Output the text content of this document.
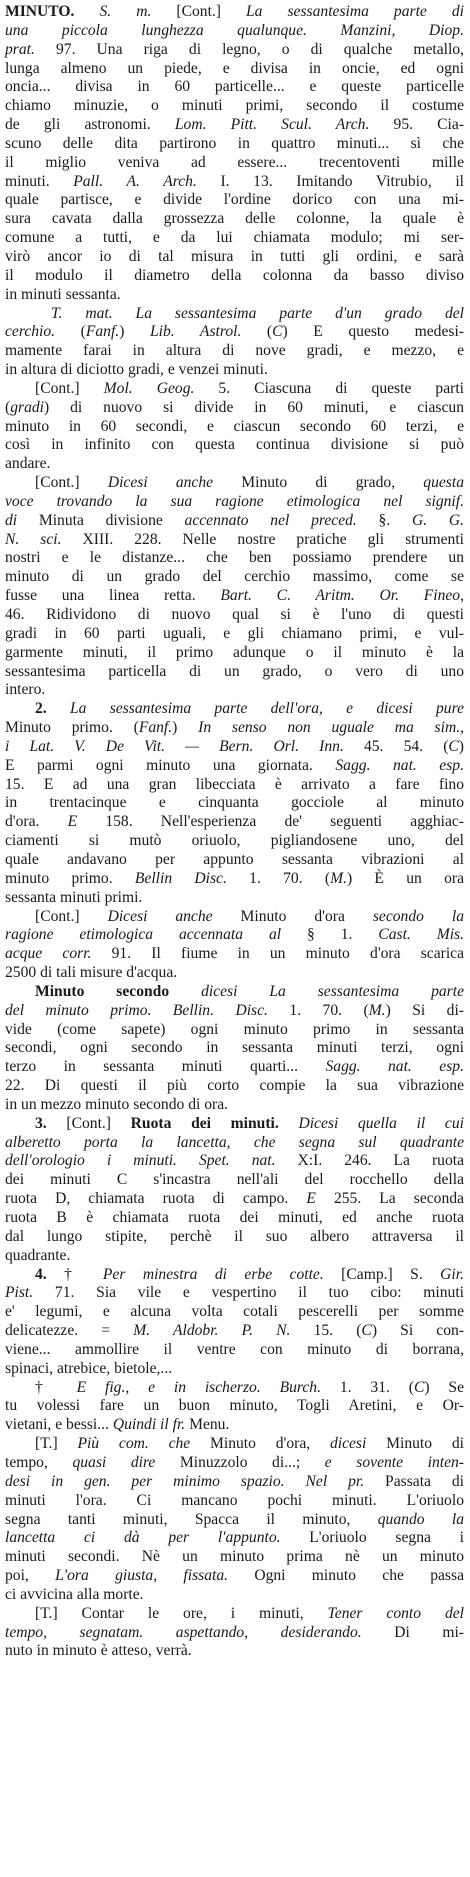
MINUTO. S. m. [Cont.] La sessantesima parte di
una piccola lunghezza qualunque. Manzini, Diop.
prat. 97. Una riga di legno, o di qualche metallo,
lunga almeno un piede, e divisa in oncie, ed ogni
oncia... divisa in 60 particelle... e queste particelle
chiamo minuzie, o minuti primi, secondo il costume
de gli astronomi. Lom. Pitt. Scul. Arch. 95. Cia-
scuno delle dita partirono in quattro minuti... sì che
il miglio veniva ad essere... trecentoventi mille
minuti. Pall. A. Arch. I. 13. Imitando Vitrubio, il
quale partisce, e divide l'ordine dorico con una mi-
sura cavata dalla grossezza delle colonne, la quale è
comune a tutti, e da lui chiamata modulo; mi ser-
virò ancor io di tal misura in tutti gli ordini, e sarà
il modulo il diametro della colonna da basso diviso
in minuti sessanta.
T. mat. La sessantesima parte d'un grado del
cerchio. (Fanf.) Lib. Astrol. (C) E questo medesi-
mamente farai in altura di nove gradi, e mezzo, e
in altura di diciotto gradi, e venzei minuti.
[Cont.] Mol. Geog. 5. Ciascuna di queste parti
(gradi) di nuovo si divide in 60 minuti, e ciascun
minuto in 60 secondi, e ciascun secondo 60 terzi, e
così in infinito con questa continua divisione si può
andare.
[Cont.] Dicesi anche Minuto di grado, questa
voce trovando la sua ragione etimologica nel signif.
di Minuta divisione accennato nel preced. §. G. G.
N. sci. XIII. 228. Nelle nostre pratiche gli strumenti
nostri e le distanze... che ben possiamo prendere un
minuto di un grado del cerchio massimo, come se
fusse una linea retta. Bart. C. Aritm. Or. Fineo,
46. Ridividono di nuovo qual si è l'uno di questi
gradi in 60 parti uguali, e gli chiamano primi, e vul-
garmente minuti, il primo adunque o il minuto è la
sessantesima particella di un grado, o vero di uno
intero.
2. La sessantesima parte dell'ora, e dicesi pure
Minuto primo. (Fanf.) In senso non uguale ma sim.,
i Lat. V. De Vit. — Bern. Orl. Inn. 45. 54. (C)
E parmi ogni minuto una giornata. Sagg. nat. esp.
15. E ad una gran libecciata è arrivato a fare fino
in trentacinque e cinquanta gocciole al minuto
d'ora. E 158. Nell'esperienza de' seguenti agghiac-
ciamenti si mutò oriuolo, pigliandosene uno, del
quale andavano per appunto sessanta vibrazioni al
minuto primo. Bellin Disc. 1. 70. (M.) È un ora
sessanta minuti primi.
[Cont.] Dicesi anche Minuto d'ora secondo la
ragione etimologica accennata al § 1. Cast. Mis.
acque corr. 91. Il fiume in un minuto d'ora scarica
2500 di tali misure d'acqua.
Minuto secondo dicesi La sessantesima parte
del minuto primo. Bellin. Disc. 1. 70. (M.) Si di-
vide (come sapete) ogni minuto primo in sessanta
secondi, ogni secondo in sessanta minuti terzi, ogni
terzo in sessanta minuti quarti... Sagg. nat. esp.
22. Di questi il più corto compie la sua vibrazione
in un mezzo minuto secondo di ora.
3. [Cont.] Ruota dei minuti. Dicesi quella il cui
alberetto porta la lancetta, che segna sul quadrante
dell'orologio i minuti. Spet. nat. X:I. 246. La ruota
dei minuti C s'incastra nell'ali del rocchello della
ruota D, chiamata ruota di campo. E 255. La seconda
ruota B è chiamata ruota dei minuti, ed anche ruota
dal lungo stipite, perchè il suo albero attraversa il
quadrante.
4. † Per minestra di erbe cotte. [Camp.] S. Gir.
Pist. 71. Sia vile e vespertino il tuo cibo: minuti
e' legumi, e alcuna volta cotali pescerelli per somme
delicatezze. = M. Aldobr. P. N. 15. (C) Si con-
viene... ammollire il ventre con minuto di borrana,
spinaci, atrebice, bietole,...
† E fig., e in ischerzo. Burch. 1. 31. (C) Se
tu volessi fare un buon minuto, Togli Aretini, e Or-
vietani, e bessi... Quindi il fr. Menu.
[T.] Più com. che Minuto d'ora, dicesi Minuto di
tempo, quasi dire Minuzzolo di...; e sovente inten-
desi in gen. per minimo spazio. Nel pr. Passata di
minuti l'ora. Ci mancano pochi minuti. L'oriuolo
segna tanti minuti, Spacca il minuto, quando la
lancetta ci dà per l'appunto. L'oriuolo segna i
minuti secondi. Nè un minuto prima nè un minuto
poi, L'ora giusta, fissata. Ogni minuto che passa
ci avvicina alla morte.
[T.] Contar le ore, i minuti, Tener conto del
tempo, segnatam. aspettando, desiderando. Di mi-
nuto in minuto è atteso, verrà.
